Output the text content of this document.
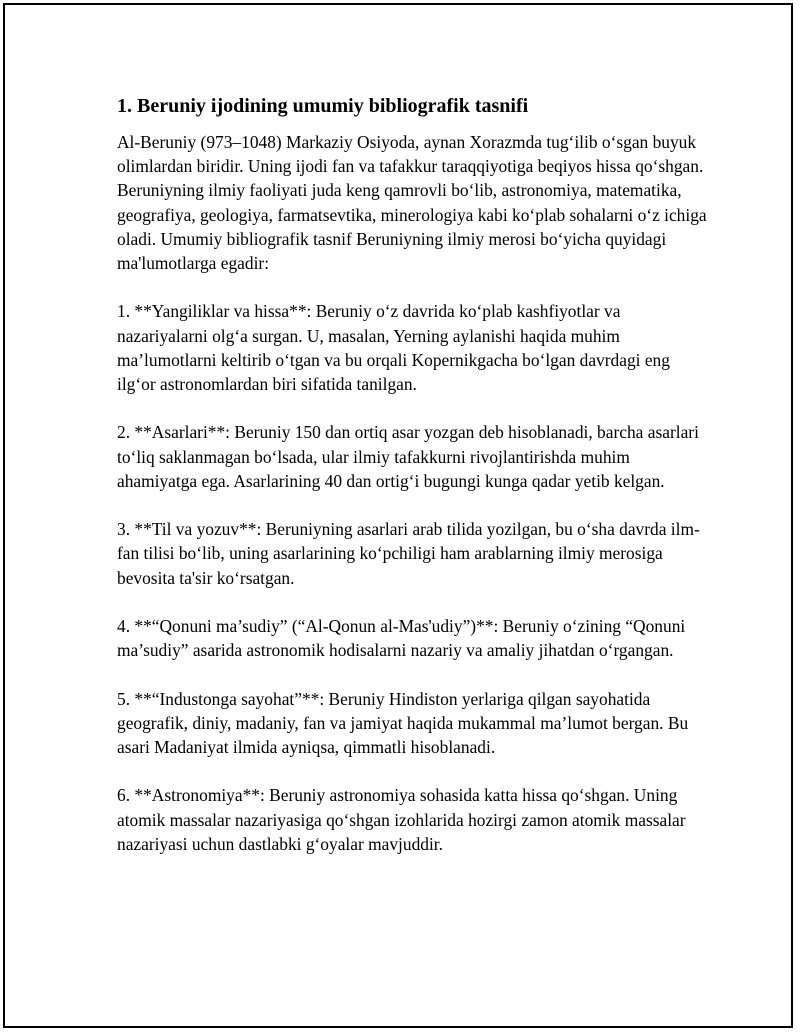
1. Beruniy ijodining umumiy bibliografik tasnifi

Al-Beruniy (973–1048) Markaziy Osiyoda, aynan Xorazmda tug‘ilib o‘sgan buyuk olimlardan biridir. Uning ijodi fan va tafakkur taraqqiyotiga beqiyos hissa qo‘shgan. Beruniyning ilmiy faoliyati juda keng qamrovli bo‘lib, astronomiya, matematika, geografiya, geologiya, farmatsevtika, minerologiya kabi ko‘plab sohalarni o‘z ichiga oladi. Umumiy bibliografik tasnif Beruniyning ilmiy merosi bo‘yicha quyidagi ma'lumotlarga egadir:

1. **Yangiliklar va hissa**: Beruniy o‘z davrida ko‘plab kashfiyotlar va nazariyalarni olg‘a surgan. U, masalan, Yerning aylanishi haqida muhim ma’lumotlarni keltirib o‘tgan va bu orqali Kopernikgacha bo‘lgan davrdagi eng ilg‘or astronomlardan biri sifatida tanilgan.

2. **Asarlari**: Beruniy 150 dan ortiq asar yozgan deb hisoblanadi, barcha asarlari to‘liq saklanmagan bo‘lsada, ular ilmiy tafakkurni rivojlantirishda muhim ahamiyatga ega. Asarlarining 40 dan ortig‘i bugungi kunga qadar yetib kelgan.

3. **Til va yozuv**: Beruniyning asarlari arab tilida yozilgan, bu o‘sha davrda ilm-fan tilisi bo‘lib, uning asarlarining ko‘pchiligi ham arablarning ilmiy merosiga bevosita ta'sir ko‘rsatgan.

4. **“Qonuni ma’sudiy” (“Al-Qonun al-Mas'udiy”)**: Beruniy o‘zining “Qonuni ma’sudiy” asarida astronomik hodisalarni nazariy va amaliy jihatdan o‘rgangan.

5. **“Industonga sayohat”**: Beruniy Hindiston yerlariga qilgan sayohatida geografik, diniy, madaniy, fan va jamiyat haqida mukammal ma’lumot bergan. Bu asari Madaniyat ilmida ayniqsa, qimmatli hisoblanadi.

6. **Astronomiya**: Beruniy astronomiya sohasida katta hissa qo‘shgan. Uning atomik massalar nazariyasiga qo‘shgan izohlarida hozirgi zamon atomik massalar nazariyasi uchun dastlabki g‘oyalar mavjuddir.
